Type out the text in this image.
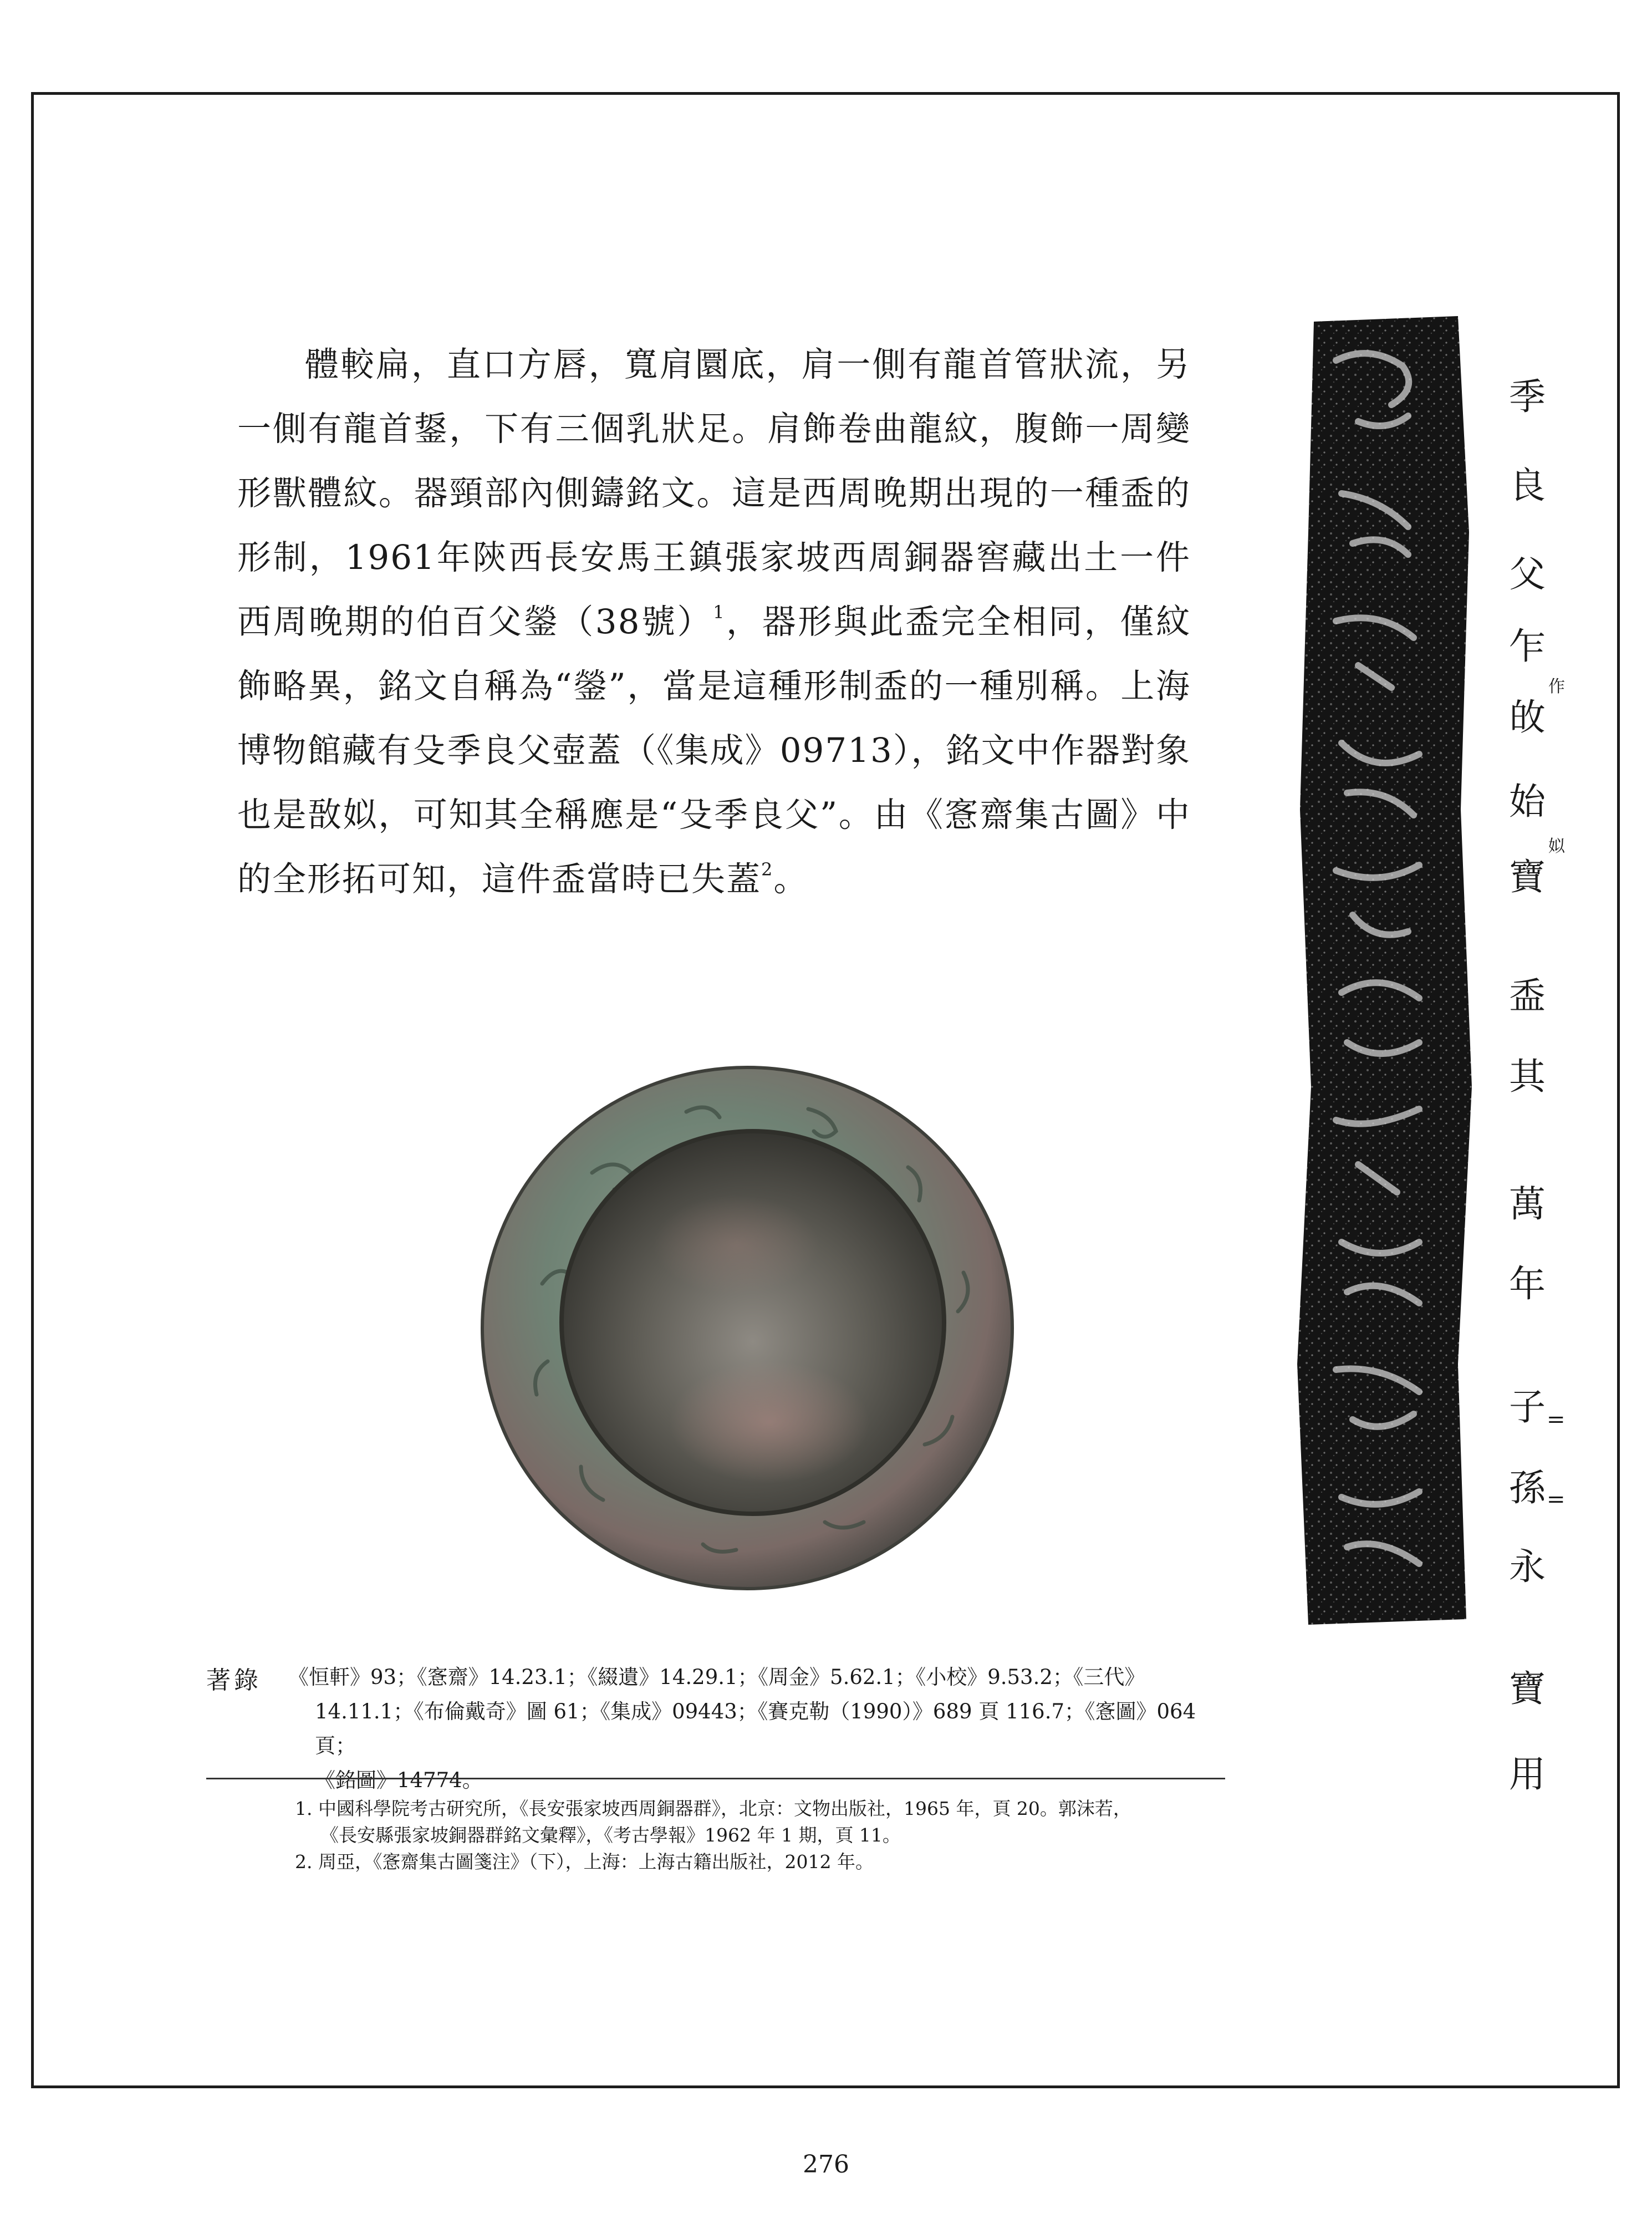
體較扁，直口方唇，寬肩圜底，肩一側有龍首管狀流，另一側有龍首鋬，下有三個乳狀足。肩飾卷曲龍紋，腹飾一周變形獸體紋。器頸部內側鑄銘文。這是西周晚期出現的一種盉的形制，1961年陝西長安馬王鎮張家坡西周銅器窖藏出土一件西周晚期的伯百父鎣（38號）$^1$，器形與此盉完全相同，僅紋飾略異，銘文自稱為“鎣”，當是這種形制盉的一種別稱。上海博物館藏有殳季良父壺蓋（《集成》09713），銘文中作器對象也是敔姒，可知其全稱應是“殳季良父”。由《愙齋集古圖》中的全形拓可知，這件盉當時已失蓋$^2$。

季
良
父
乍
作
敀
始
姒
寶
盉
其
萬
年
子 =
孫 =
永
寶
用
著錄 《恒軒》93；《愙齋》14.23.1；《綴遺》14.29.1；《周金》5.62.1；《小校》9.53.2；《三代》
14.11.1；《布倫戴奇》圖 61；《集成》09443；《賽克勒（1990）》689 頁 116.7；《愙圖》064 頁；
《銘圖》14774。
1. 中國科學院考古研究所，《長安張家坡西周銅器群》，北京：文物出版社，1965 年，頁 20。郭沫若，
《長安縣張家坡銅器群銘文彙釋》，《考古學報》1962 年 1 期，頁 11。
2. 周亞，《愙齋集古圖箋注》（下），上海：上海古籍出版社，2012 年。
276
